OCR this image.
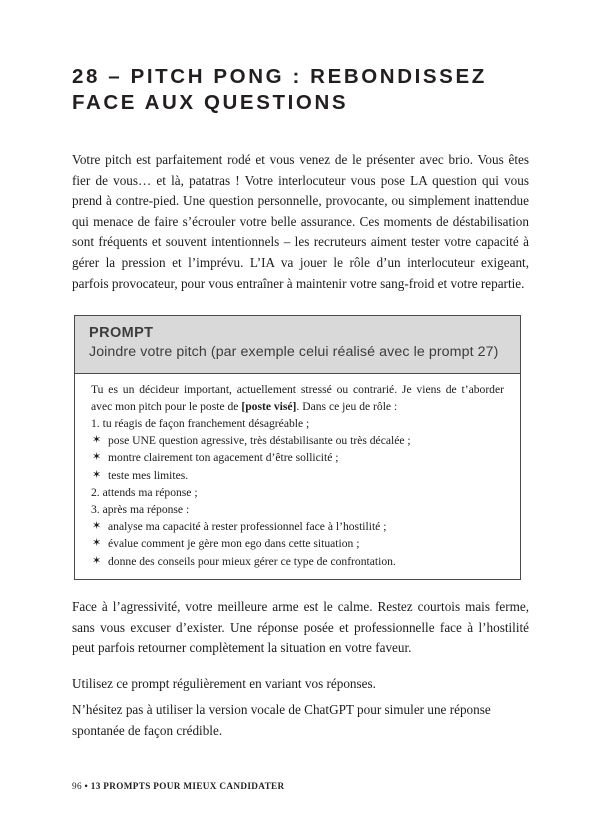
28 – PITCH PONG : REBONDISSEZ
FACE AUX QUESTIONS

Votre pitch est parfaitement rodé et vous venez de le présenter avec brio. Vous êtes fier de vous… et là, patatras ! Votre interlocuteur vous pose LA question qui vous prend à contre-pied. Une question personnelle, provocante, ou simplement inattendue qui menace de faire s’écrouler votre belle assurance. Ces moments de déstabilisation sont fréquents et souvent intentionnels – les recruteurs aiment tester votre capacité à gérer la pression et l’imprévu. L’IA va jouer le rôle d’un interlocuteur exigeant, parfois provocateur, pour vous entraîner à maintenir votre sang-froid et votre repartie.

PROMPT
Joindre votre pitch (par exemple celui réalisé avec le prompt 27)

Tu es un décideur important, actuellement stressé ou contrarié. Je viens de t’aborder avec mon pitch pour le poste de [poste visé]. Dans ce jeu de rôle :

1. tu réagis de façon franchement désagréable ;

✶ pose UNE question agressive, très déstabilisante ou très décalée ;

✶ montre clairement ton agacement d’être sollicité ;

✶ teste mes limites.

2. attends ma réponse ;

3. après ma réponse :

✶ analyse ma capacité à rester professionnel face à l’hostilité ;

✶ évalue comment je gère mon ego dans cette situation ;

✶ donne des conseils pour mieux gérer ce type de confrontation.

Face à l’agressivité, votre meilleure arme est le calme. Restez courtois mais ferme, sans vous excuser d’exister. Une réponse posée et professionnelle face à l’hostilité peut parfois retourner complètement la situation en votre faveur.

Utilisez ce prompt régulièrement en variant vos réponses.

N’hésitez pas à utiliser la version vocale de ChatGPT pour simuler une réponse spontanée de façon crédible.

96 • 13 PROMPTS POUR MIEUX CANDIDATER
